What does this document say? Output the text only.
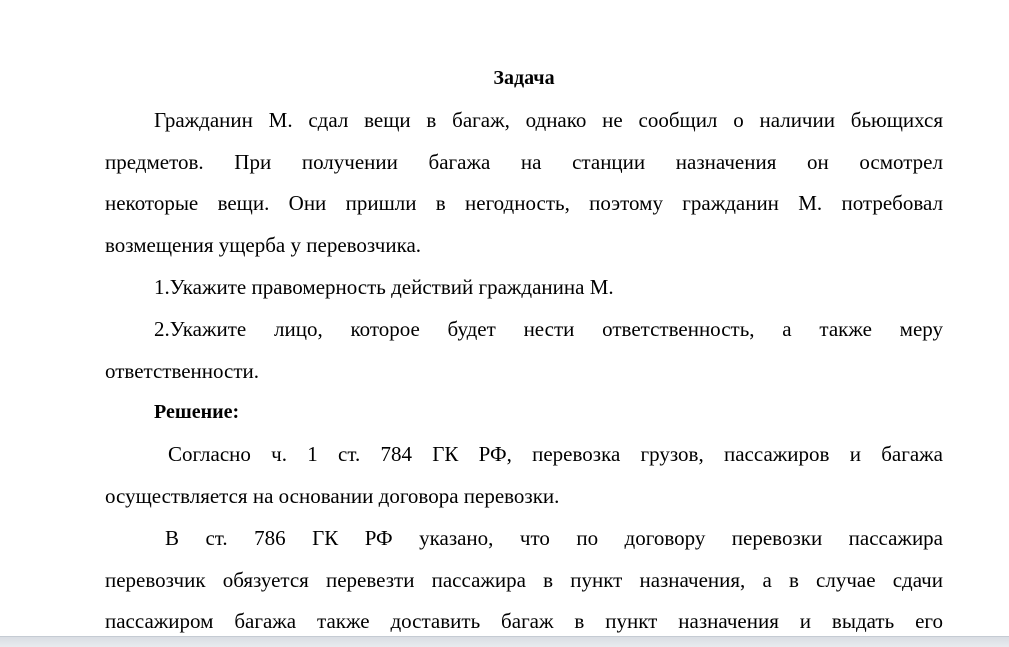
Задача
Гражданин М. сдал вещи в багаж, однако не сообщил о наличии бьющихся
предметов. При получении багажа на станции назначения он осмотрел
некоторые вещи. Они пришли в негодность, поэтому гражданин М. потребовал
возмещения ущерба у перевозчика.
1.Укажите правомерность действий гражданина М.
2.Укажите лицо, которое будет нести ответственность, а также меру
ответственности.
Решение:
Согласно ч. 1 ст. 784 ГК РФ, перевозка грузов, пассажиров и багажа
осуществляется на основании договора перевозки.
В ст. 786 ГК РФ указано, что по договору перевозки пассажира
перевозчик обязуется перевезти пассажира в пункт назначения, а в случае сдачи
пассажиром багажа также доставить багаж в пункт назначения и выдать его
